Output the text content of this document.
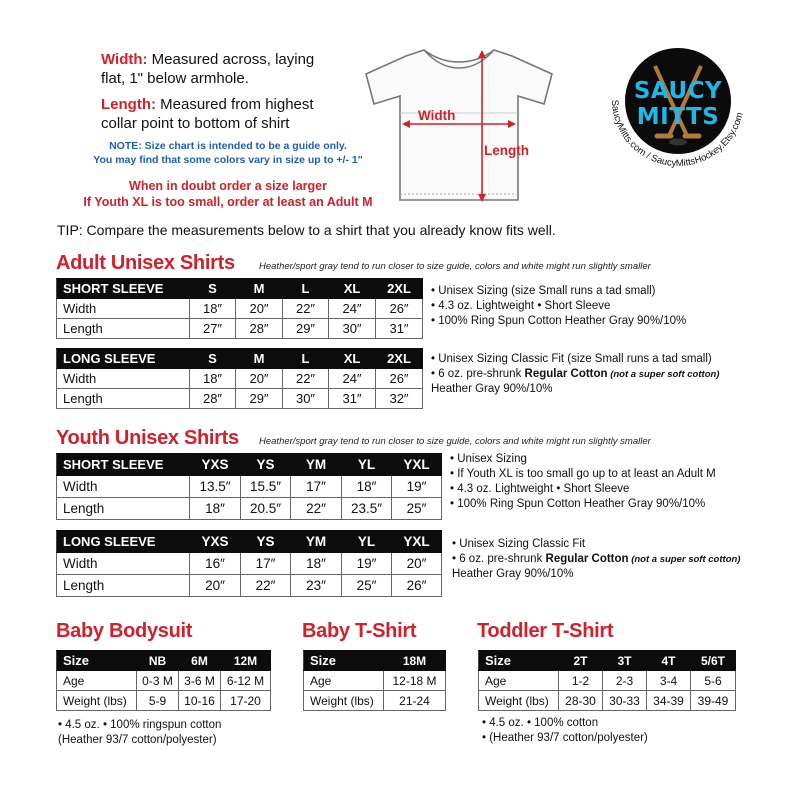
Width: Measured across, laying
flat, 1" below armhole.
Length: Measured from highest
collar point to bottom of shirt
NOTE: Size chart is intended to be a guide only.
You may find that some colors vary in size up to +/- 1"
When in doubt order a size larger
If Youth XL is too small, order at least an Adult M
Width
Length
SaucyMitts.com / SaucyMittsHockey.Etsy.com
SAUCY
MITTS
TIP: Compare the measurements below to a shirt that you already know fits well.
Adult Unisex Shirts	Heather/sport gray tend to run closer to size guide, colors and white might run slightly smaller
SHORT SLEEVE	S	M	L	XL	2XL
Width	18″	20″	22″	24″	26″
Length	27″	28″	29″	30″	31″
• Unisex Sizing (size Small runs a tad small)
• 4.3 oz. Lightweight • Short Sleeve
• 100% Ring Spun Cotton Heather Gray 90%/10%
LONG SLEEVE	S	M	L	XL	2XL
Width	18″	20″	22″	24″	26″
Length	28″	29″	30″	31″	32″
• Unisex Sizing Classic Fit (size Small runs a tad small)
• 6 oz. pre-shrunk Regular Cotton (not a super soft cotton)
Heather Gray 90%/10%
Youth Unisex Shirts Heather/sport gray tend to run closer to size guide, colors and white might run slightly smaller
SHORT SLEEVE	YXS	YS	YM	YL	YXL
Width	13.5″	15.5″	17″	18″	19″
Length	18″	20.5″	22″	23.5″	25″
• Unisex Sizing
• If Youth XL is too small go up to at least an Adult M
• 4.3 oz. Lightweight • Short Sleeve
• 100% Ring Spun Cotton Heather Gray 90%/10%
LONG SLEEVE	YXS	YS	YM	YL	YXL
Width	16″	17″	18″	19″	20″
Length	20″	22″	23″	25″	26″
• Unisex Sizing Classic Fit
• 6 oz. pre-shrunk Regular Cotton (not a super soft cotton)
Heather Gray 90%/10%
Baby Bodysuit
Size	NB	6M	12M
Age	0-3 M	3-6 M	6-12 M
Weight (lbs)	5-9	10-16	17-20
• 4.5 oz. • 100% ringspun cotton
(Heather 93/7 cotton/polyester)
Baby T-Shirt
Size	18M
Age	12-18 M
Weight (lbs)	21-24
Toddler T-Shirt
Size	2T	3T	4T	5/6T
Age	1-2	2-3	3-4	5-6
Weight (lbs)	28-30	30-33	34-39	39-49
• 4.5 oz. • 100% cotton
• (Heather 93/7 cotton/polyester)
